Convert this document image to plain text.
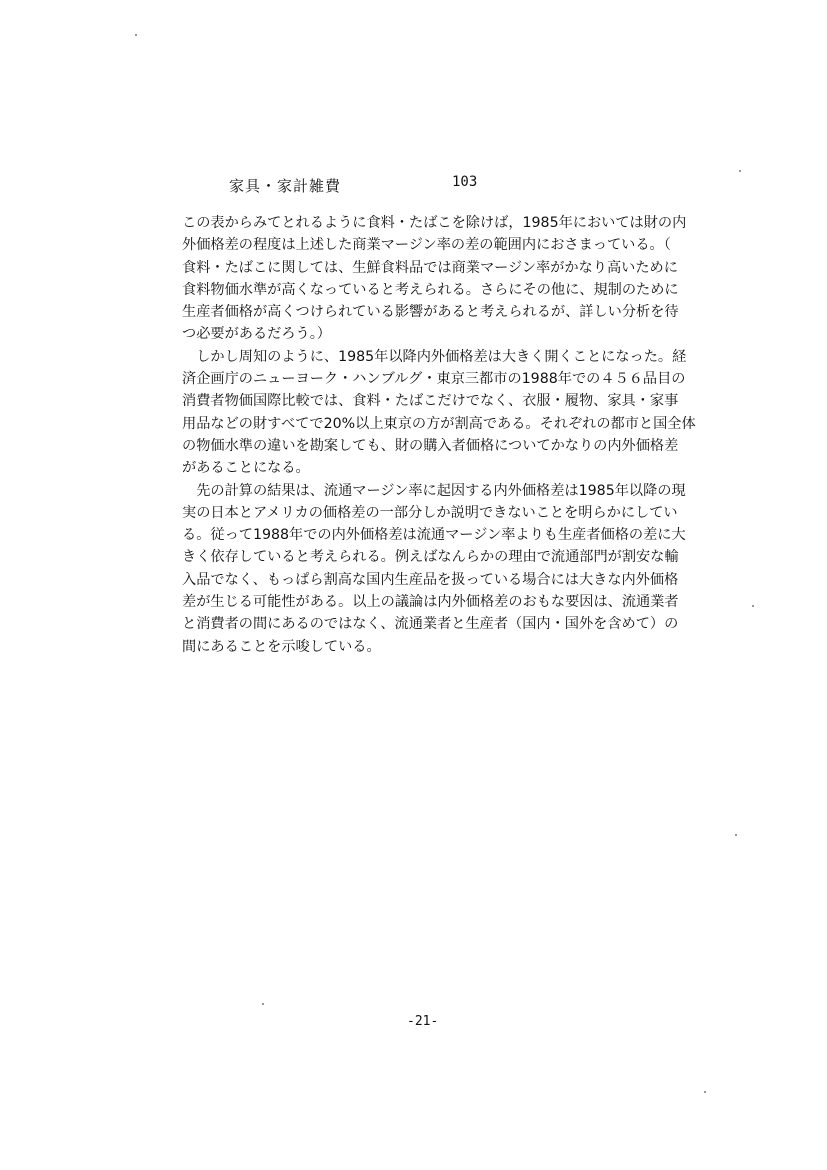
家具・家計雑費	103
この表からみてとれるように食料・たばこを除けば，1985年においては財の内
外価格差の程度は上述した商業マージン率の差の範囲内におさまっている。（
食料・たばこに関しては、生鮮食料品では商業マージン率がかなり高いために
食料物価水準が高くなっていると考えられる。さらにその他に、規制のために
生産者価格が高くつけられている影響があると考えられるが、詳しい分析を待
つ必要があるだろう。）
　しかし周知のように、1985年以降内外価格差は大きく開くことになった。経
済企画庁のニューヨーク・ハンブルグ・東京三都市の1988年での４５６品目の
消費者物価国際比較では、食料・たばこだけでなく、衣服・履物、家具・家事
用品などの財すべてで20%以上東京の方が割高である。それぞれの都市と国全体
の物価水準の違いを勘案しても、財の購入者価格についてかなりの内外価格差
があることになる。
　先の計算の結果は、流通マージン率に起因する内外価格差は1985年以降の現
実の日本とアメリカの価格差の一部分しか説明できないことを明らかにしてい
る。従って1988年での内外価格差は流通マージン率よりも生産者価格の差に大
きく依存していると考えられる。例えばなんらかの理由で流通部門が割安な輸
入品でなく、もっぱら割高な国内生産品を扱っている場合には大きな内外価格
差が生じる可能性がある。以上の議論は内外価格差のおもな要因は、流通業者
と消費者の間にあるのではなく、流通業者と生産者（国内・国外を含めて）の
間にあることを示唆している。
-21-
